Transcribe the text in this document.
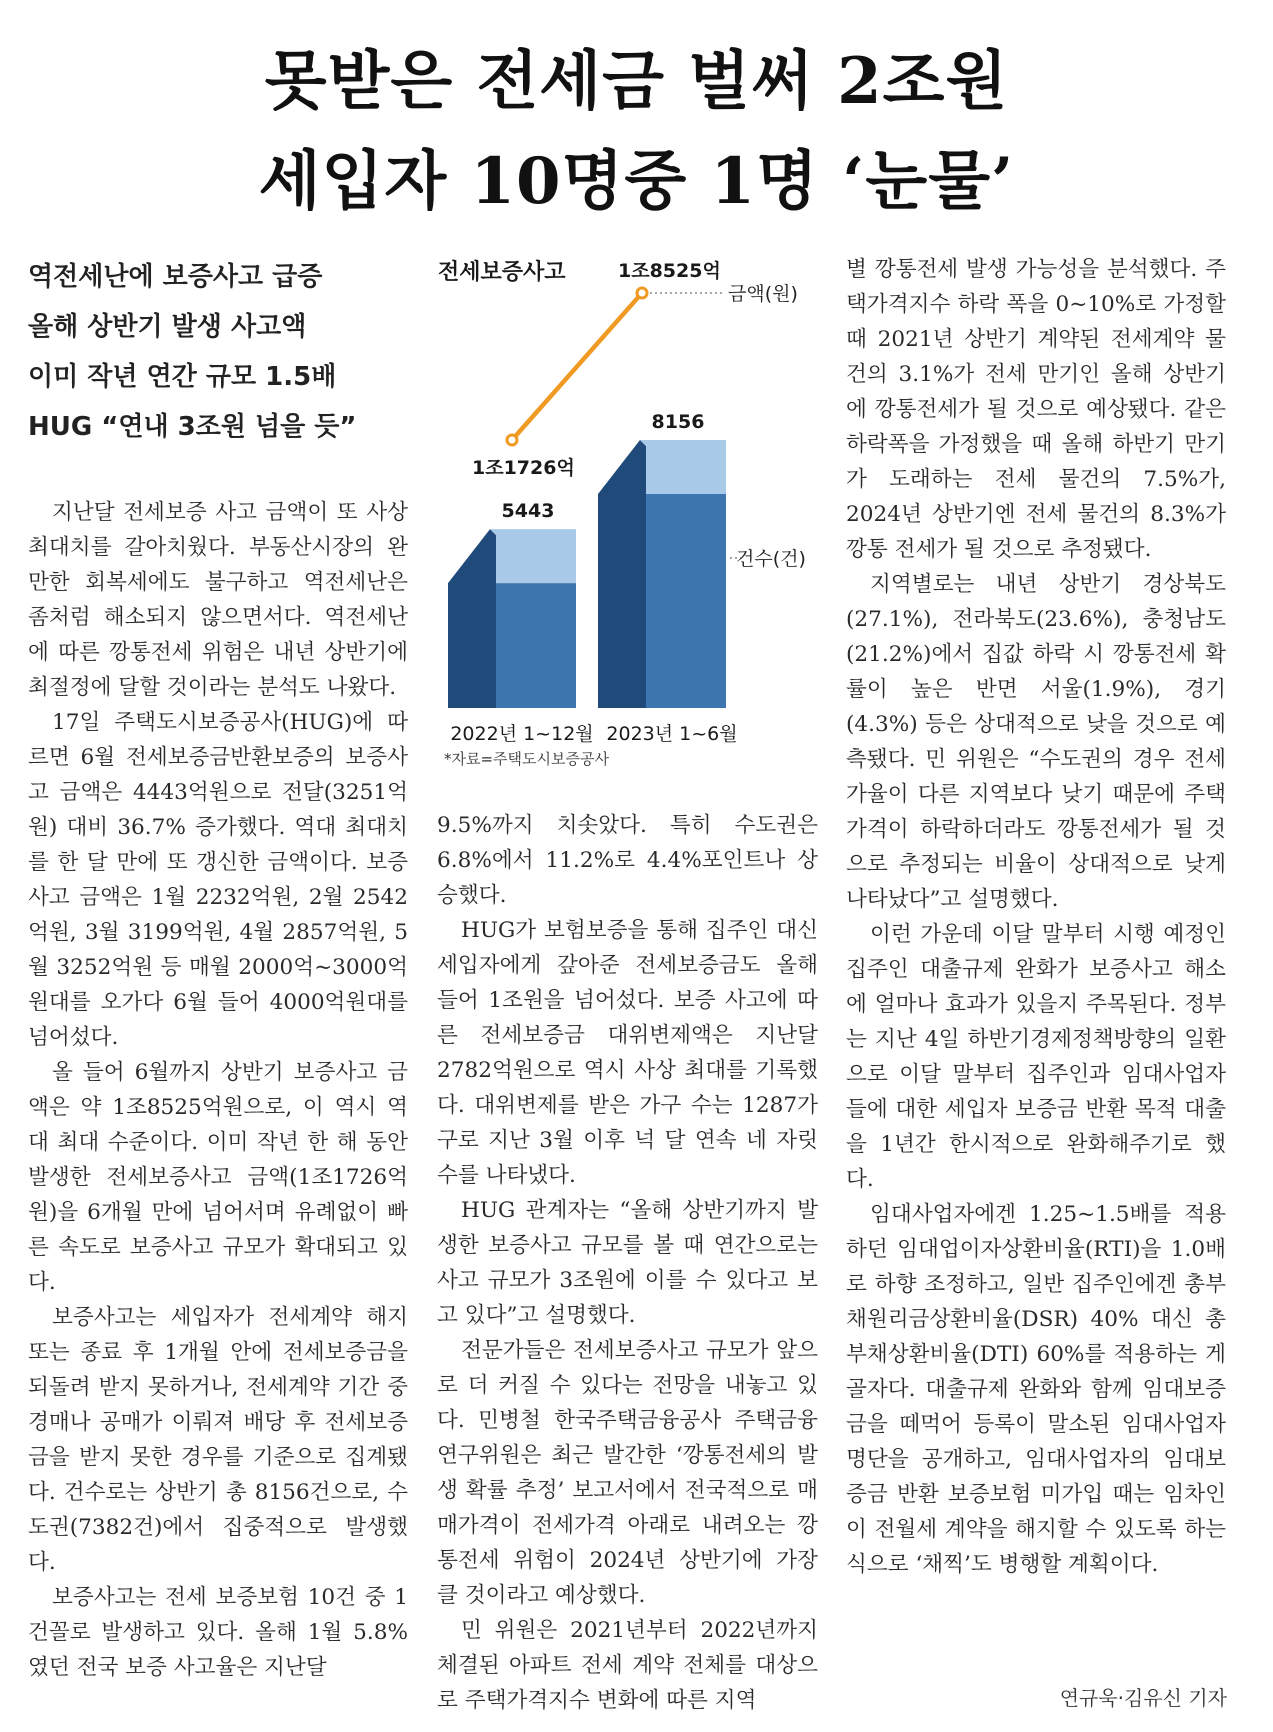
못받은 전세금 벌써 2조원
세입자 10명중 1명 ‘눈물’
역전세난에 보증사고 급증
올해 상반기 발생 사고액
이미 작년 연간 규모 1.5배
HUG “연내 3조원 넘을 듯”

지난달 전세보증 사고 금액이 또 사상 최대치를 갈아치웠다. 부동산시장의 완만한 회복세에도 불구하고 역전세난은 좀처럼 해소되지 않으면서다. 역전세난에 따른 깡통전세 위험은 내년 상반기에 최절정에 달할 것이라는 분석도 나왔다.

17일 주택도시보증공사(HUG)에 따르면 6월 전세보증금반환보증의 보증사고 금액은 4443억원으로 전달(3251억원) 대비 36.7% 증가했다. 역대 최대치를 한 달 만에 또 갱신한 금액이다. 보증사고 금액은 1월 2232억원, 2월 2542억원, 3월 3199억원, 4월 2857억원, 5월 3252억원 등 매월 2000억~3000억원대를 오가다 6월 들어 4000억원대를 넘어섰다.

올 들어 6월까지 상반기 보증사고 금액은 약 1조8525억원으로, 이 역시 역대 최대 수준이다. 이미 작년 한 해 동안 발생한 전세보증사고 금액(1조1726억원)을 6개월 만에 넘어서며 유례없이 빠른 속도로 보증사고 규모가 확대되고 있다.

보증사고는 세입자가 전세계약 해지 또는 종료 후 1개월 안에 전세보증금을 되돌려 받지 못하거나, 전세계약 기간 중 경매나 공매가 이뤄져 배당 후 전세보증금을 받지 못한 경우를 기준으로 집계됐다. 건수로는 상반기 총 8156건으로, 수도권(7382건)에서 집중적으로 발생했다.

보증사고는 전세 보증보험 10건 중 1건꼴로 발생하고 있다. 올해 1월 5.8%였던 전국 보증 사고율은 지난달

9.5%까지 치솟았다. 특히 수도권은 6.8%에서 11.2%로 4.4%포인트나 상승했다.

HUG가 보험보증을 통해 집주인 대신 세입자에게 갚아준 전세보증금도 올해 들어 1조원을 넘어섰다. 보증 사고에 따른 전세보증금 대위변제액은 지난달 2782억원으로 역시 사상 최대를 기록했다. 대위변제를 받은 가구 수는 1287가구로 지난 3월 이후 넉 달 연속 네 자릿수를 나타냈다.

HUG 관계자는 “올해 상반기까지 발생한 보증사고 규모를 볼 때 연간으로는 사고 규모가 3조원에 이를 수 있다고 보고 있다”고 설명했다.

전문가들은 전세보증사고 규모가 앞으로 더 커질 수 있다는 전망을 내놓고 있다. 민병철 한국주택금융공사 주택금융연구위원은 최근 발간한 ‘깡통전세의 발생 확률 추정’ 보고서에서 전국적으로 매매가격이 전세가격 아래로 내려오는 깡통전세 위험이 2024년 상반기에 가장 클 것이라고 예상했다.

민 위원은 2021년부터 2022년까지 체결된 아파트 전세 계약 전체를 대상으로 주택가격지수 변화에 따른 지역

별 깡통전세 발생 가능성을 분석했다. 주택가격지수 하락 폭을 0~10%로 가정할 때 2021년 상반기 계약된 전세계약 물건의 3.1%가 전세 만기인 올해 상반기에 깡통전세가 될 것으로 예상됐다. 같은 하락폭을 가정했을 때 올해 하반기 만기가 도래하는 전세 물건의 7.5%가, 2024년 상반기엔 전세 물건의 8.3%가 깡통 전세가 될 것으로 추정됐다.

지역별로는 내년 상반기 경상북도(27.1%), 전라북도(23.6%), 충청남도(21.2%)에서 집값 하락 시 깡통전세 확률이 높은 반면 서울(1.9%), 경기(4.3%) 등은 상대적으로 낮을 것으로 예측됐다. 민 위원은 “수도권의 경우 전세가율이 다른 지역보다 낮기 때문에 주택가격이 하락하더라도 깡통전세가 될 것으로 추정되는 비율이 상대적으로 낮게 나타났다”고 설명했다.

이런 가운데 이달 말부터 시행 예정인 집주인 대출규제 완화가 보증사고 해소에 얼마나 효과가 있을지 주목된다. 정부는 지난 4일 하반기경제정책방향의 일환으로 이달 말부터 집주인과 임대사업자들에 대한 세입자 보증금 반환 목적 대출을 1년간 한시적으로 완화해주기로 했다.

임대사업자에겐 1.25~1.5배를 적용하던 임대업이자상환비율(RTI)을 1.0배로 하향 조정하고, 일반 집주인에겐 총부채원리금상환비율(DSR) 40% 대신 총부채상환비율(DTI) 60%를 적용하는 게 골자다. 대출규제 완화와 함께 임대보증금을 떼먹어 등록이 말소된 임대사업자 명단을 공개하고, 임대사업자의 임대보증금 반환 보증보험 미가입 때는 임차인이 전월세 계약을 해지할 수 있도록 하는 식으로 ‘채찍’도 병행할 계획이다.

연규욱·김유신 기자
전세보증사고
1조1726억
1조8525억
금액(원)
5443
2022년 1~12월
8156
2023년 1~6월
건수(건)
*자료=주택도시보증공사
